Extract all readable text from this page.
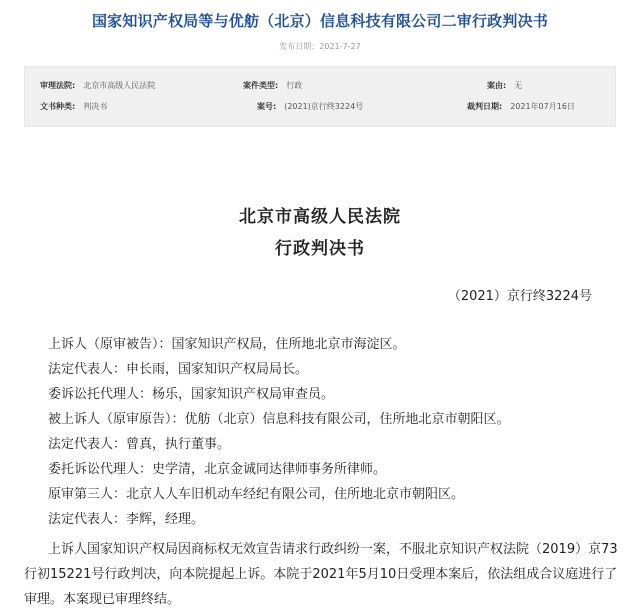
国家知识产权局等与优舫（北京）信息科技有限公司二审行政判决书
发布日期：2021-7-27
审理法院: 北京市高级人民法院
文书种类: 判决书
案件类型: 行政
案号: (2021)京行终3224号
案由: 无
裁判日期: 2021年07月16日
北京市高级人民法院
行政判决书
（2021）京行终3224号
上诉人（原审被告）：国家知识产权局，住所地北京市海淀区。
法定代表人：申长雨，国家知识产权局局长。
委诉讼托代理人：杨乐，国家知识产权局审查员。
被上诉人（原审原告）：优舫（北京）信息科技有限公司，住所地北京市朝阳区。
法定代表人：曾真，执行董事。
委托诉讼代理人：史学清，北京金诚同达律师事务所律师。
原审第三人：北京人人车旧机动车经纪有限公司，住所地北京市朝阳区。
法定代表人：李辉，经理。
上诉人国家知识产权局因商标权无效宣告请求行政纠纷一案，不服北京知识产权法院（2019）京73行初15221号行政判决，向本院提起上诉。本院于2021年5月10日受理本案后，依法组成合议庭进行了审理。本案现已审理终结。
